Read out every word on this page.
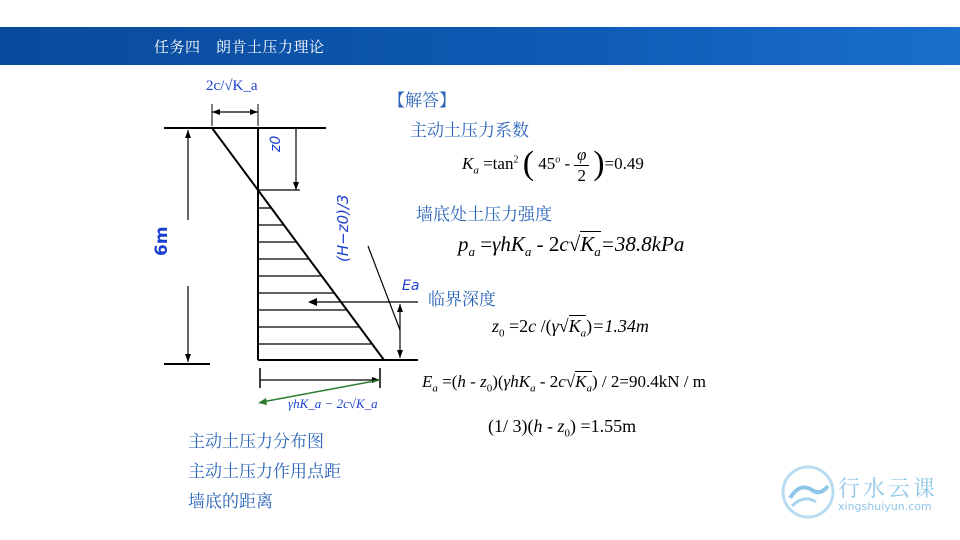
任务四　朗肯土压力理论
2c/√K_a
z0
6m	(H−z0)/3
Ea
γhK_a − 2c√K_a
【解答】
主动土压力系数
$K_a =\tan^2$ ( $45^o - \frac{\varphi}{2} )=0.49$
墙底处土压力强度
$p_a =\gamma hK_a - 2c√K_a=38.8kPa$
临界深度
$z_0 =2c$ $/(\gamma√K_a)=1.34m$
$E_a =(h - z_0)(\gamma hK_a - 2c√K_a) / 2=90.4kN / m$
(1/ $3)(h - z_0) =1.55m$
主动土压力分布图
主动土压力作用点距
墙底的距离	行水云课
xingshuiyun.com
